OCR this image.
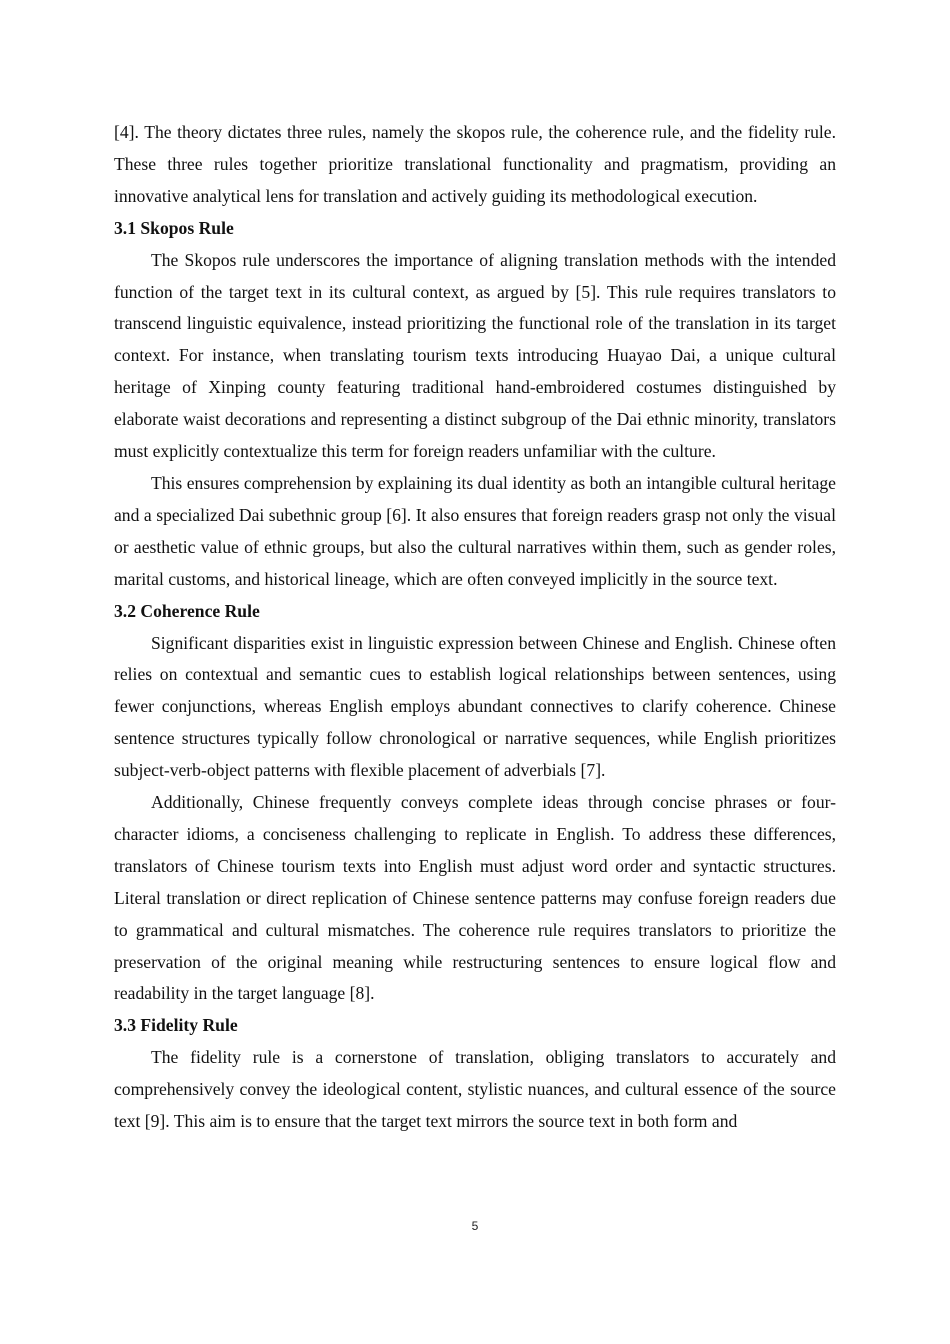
[4]. The theory dictates three rules, namely the skopos rule, the coherence rule, and the fidelity rule. These three rules together prioritize translational functionality and pragmatism, providing an innovative analytical lens for translation and actively guiding its methodological execution.

3.1 Skopos Rule

The Skopos rule underscores the importance of aligning translation methods with the intended function of the target text in its cultural context, as argued by [5]. This rule requires translators to transcend linguistic equivalence, instead prioritizing the functional role of the translation in its target context. For instance, when translating tourism texts introducing Huayao Dai, a unique cultural heritage of Xinping county featuring traditional hand-embroidered costumes distinguished by elaborate waist decorations and representing a distinct subgroup of the Dai ethnic minority, translators must explicitly contextualize this term for foreign readers unfamiliar with the culture.

This ensures comprehension by explaining its dual identity as both an intangible cultural heritage and a specialized Dai subethnic group [6]. It also ensures that foreign readers grasp not only the visual or aesthetic value of ethnic groups, but also the cultural narratives within them, such as gender roles, marital customs, and historical lineage, which are often conveyed implicitly in the source text.

3.2 Coherence Rule

Significant disparities exist in linguistic expression between Chinese and English. Chinese often relies on contextual and semantic cues to establish logical relationships between sentences, using fewer conjunctions, whereas English employs abundant connectives to clarify coherence. Chinese sentence structures typically follow chronological or narrative sequences, while English prioritizes subject-verb-object patterns with flexible placement of adverbials [7].

Additionally, Chinese frequently conveys complete ideas through concise phrases or four-character idioms, a conciseness challenging to replicate in English. To address these differences, translators of Chinese tourism texts into English must adjust word order and syntactic structures. Literal translation or direct replication of Chinese sentence patterns may confuse foreign readers due to grammatical and cultural mismatches. The coherence rule requires translators to prioritize the preservation of the original meaning while restructuring sentences to ensure logical flow and readability in the target language [8].

3.3 Fidelity Rule

The fidelity rule is a cornerstone of translation, obliging translators to accurately and comprehensively convey the ideological content, stylistic nuances, and cultural essence of the source text [9]. This aim is to ensure that the target text mirrors the source text in both form and

5
